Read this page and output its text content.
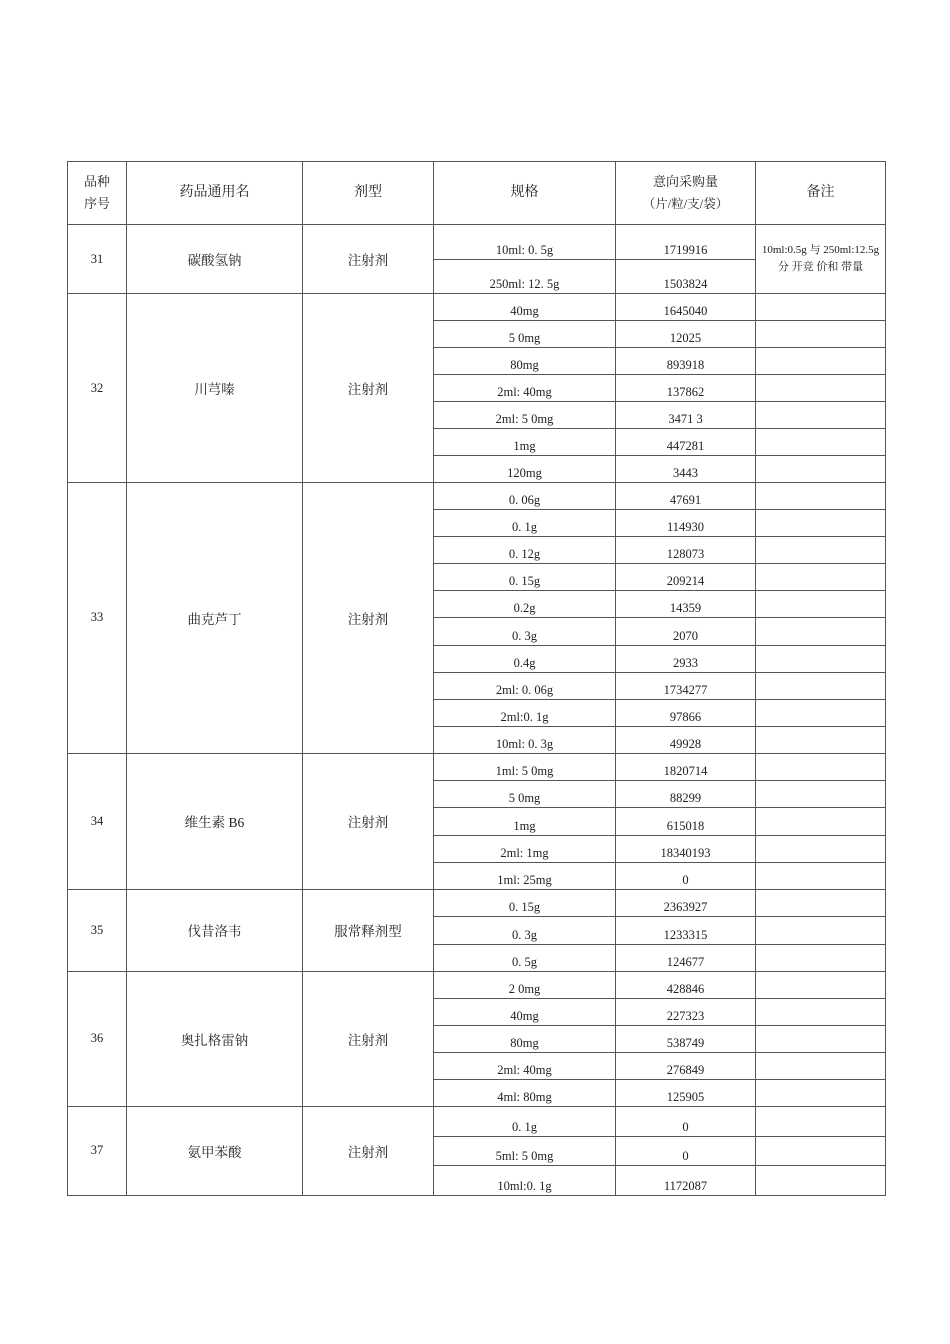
品种
序号	药品通用名	剂型	规格	意向采购量
（片/粒/支/袋）	备注
31	碳酸氢钠	注射剂	10ml: 0. 5g	1719916	10ml:0.5g 与 250ml:12.5g 分 开竞 价和 带量
			250ml: 12. 5g	1503824	
32	川芎嗪	注射剂	40mg	1645040	
			5 0mg	12025	
			80mg	893918	
			2ml: 40mg	137862	
			2ml: 5 0mg	3471 3	
			1mg	447281	
			120mg	3443	
33	曲克芦丁	注射剂	0. 06g	47691	
			0. 1g	114930	
			0. 12g	128073	
			0. 15g	209214	
			0.2g	14359	
			0. 3g	2070	
			0.4g	2933	
			2ml: 0. 06g	1734277	
			2ml:0. 1g	97866	
			10ml: 0. 3g	49928	
34	维生素 B6	注射剂	1ml: 5 0mg	1820714	
			5 0mg	88299	
			1mg	615018	
			2ml: 1mg	18340193	
			1ml: 25mg	0	
35	伐昔洛韦	服常释剂型	0. 15g	2363927	
			0. 3g	1233315	
			0. 5g	124677	
36	奥扎格雷钠	注射剂	2 0mg	428846	
			40mg	227323	
			80mg	538749	
			2ml: 40mg	276849	
			4ml: 80mg	125905	
37	氨甲苯酸	注射剂	0. 1g	0	
			5ml: 5 0mg	0	
			10ml:0. 1g	1172087	
